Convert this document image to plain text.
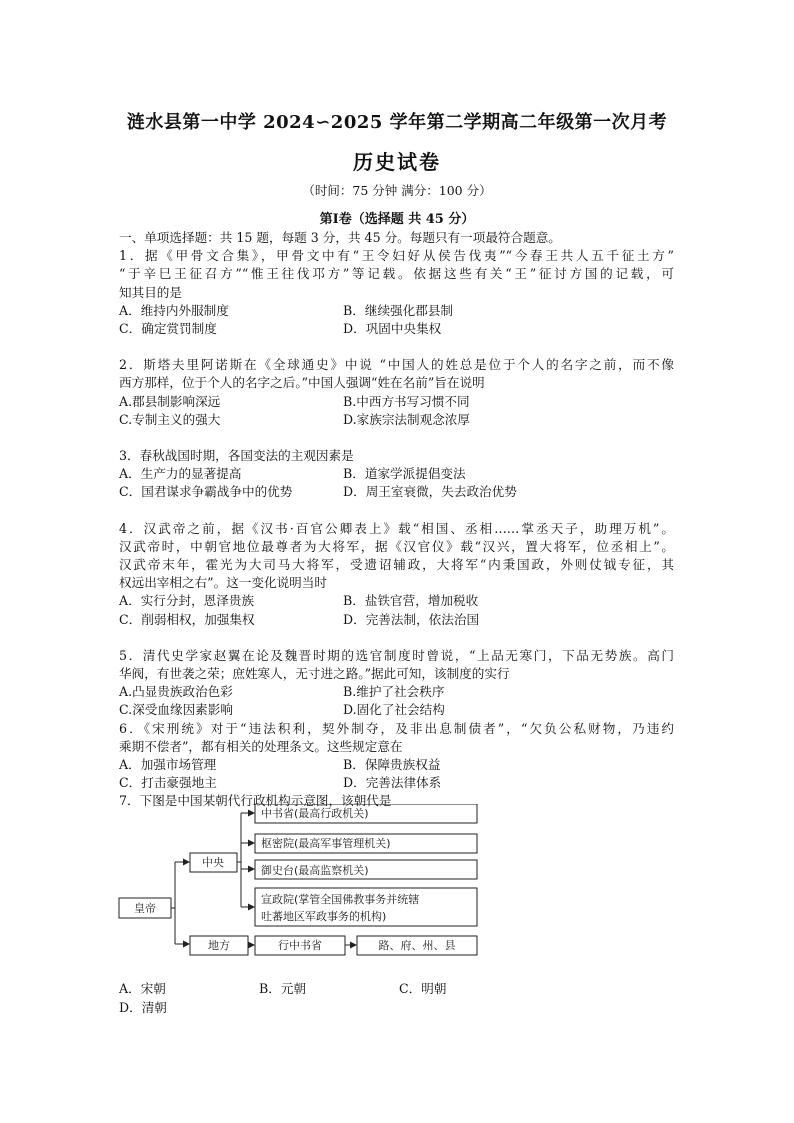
涟水县第一中学 2024∽2025 学年第二学期高二年级第一次月考
历史试卷
（时间：75 分钟 满分：100 分）
第Ⅰ卷（选择题 共 45 分）
一、单项选择题：共 15 题，每题 3 分，共 45 分。每题只有一项最符合题意。
1．据《甲骨文合集》，甲骨文中有“王令妇好从侯告伐夷”“今春王共人五千征土方”
“于辛巳王征召方”“惟王往伐邛方”等记载。依据这些有关“王”征讨方国的记载，可
知其目的是
A．维持内外服制度	B．继续强化郡县制
C．确定赏罚制度	D．巩固中央集权
2．斯塔夫里阿诺斯在《全球通史》中说 “中国人的姓总是位于个人的名字之前，而不像
西方那样，位于个人的名字之后。”中国人强调“姓在名前”旨在说明
A.郡县制影响深远	B.中西方书写习惯不同
C.专制主义的强大	D.家族宗法制观念浓厚
3．春秋战国时期，各国变法的主观因素是
A．生产力的显著提高	B．道家学派提倡变法
C．国君谋求争霸战争中的优势	D．周王室衰微，失去政治优势
4．汉武帝之前，据《汉书·百官公卿表上》载“相国、丞相……掌丞天子，助理万机”。
汉武帝时，中朝官地位最尊者为大将军，据《汉官仪》载“汉兴，置大将军，位丞相上”。
汉武帝末年，霍光为大司马大将军，受遗诏辅政，大将军“内秉国政，外则仗钺专征，其
权远出宰相之右”。这一变化说明当时
A．实行分封，恩泽贵族	B．盐铁官营，增加税收
C．削弱相权，加强集权	D．完善法制，依法治国
5．清代史学家赵翼在论及魏晋时期的选官制度时曾说，“上品无寒门，下品无势族。高门
华阀，有世袭之荣；庶姓寒人，无寸进之路。”据此可知，该制度的实行
A.凸显贵族政治色彩	B.维护了社会秩序
C.深受血缘因素影响	D.固化了社会结构
6．《宋刑统》对于“违法积利，契外制夺，及非出息制债者”，“欠负公私财物，乃违约
乘期不偿者”，都有相关的处理条文。这些规定意在
A．加强市场管理	B．保障贵族权益
C．打击豪强地主	D．完善法律体系
7．下图是中国某朝代行政机构示意图，该朝代是
皇帝
中央
中书省(最高行政机关)
枢密院(最高军事管理机关)
御史台(最高监察机关)
宣政院(掌管全国佛教事务并统辖
吐蕃地区军政事务的机构)
地方	行中书省	路、府、州、县
A．宋朝	B．元朝	C．明朝D．清朝
